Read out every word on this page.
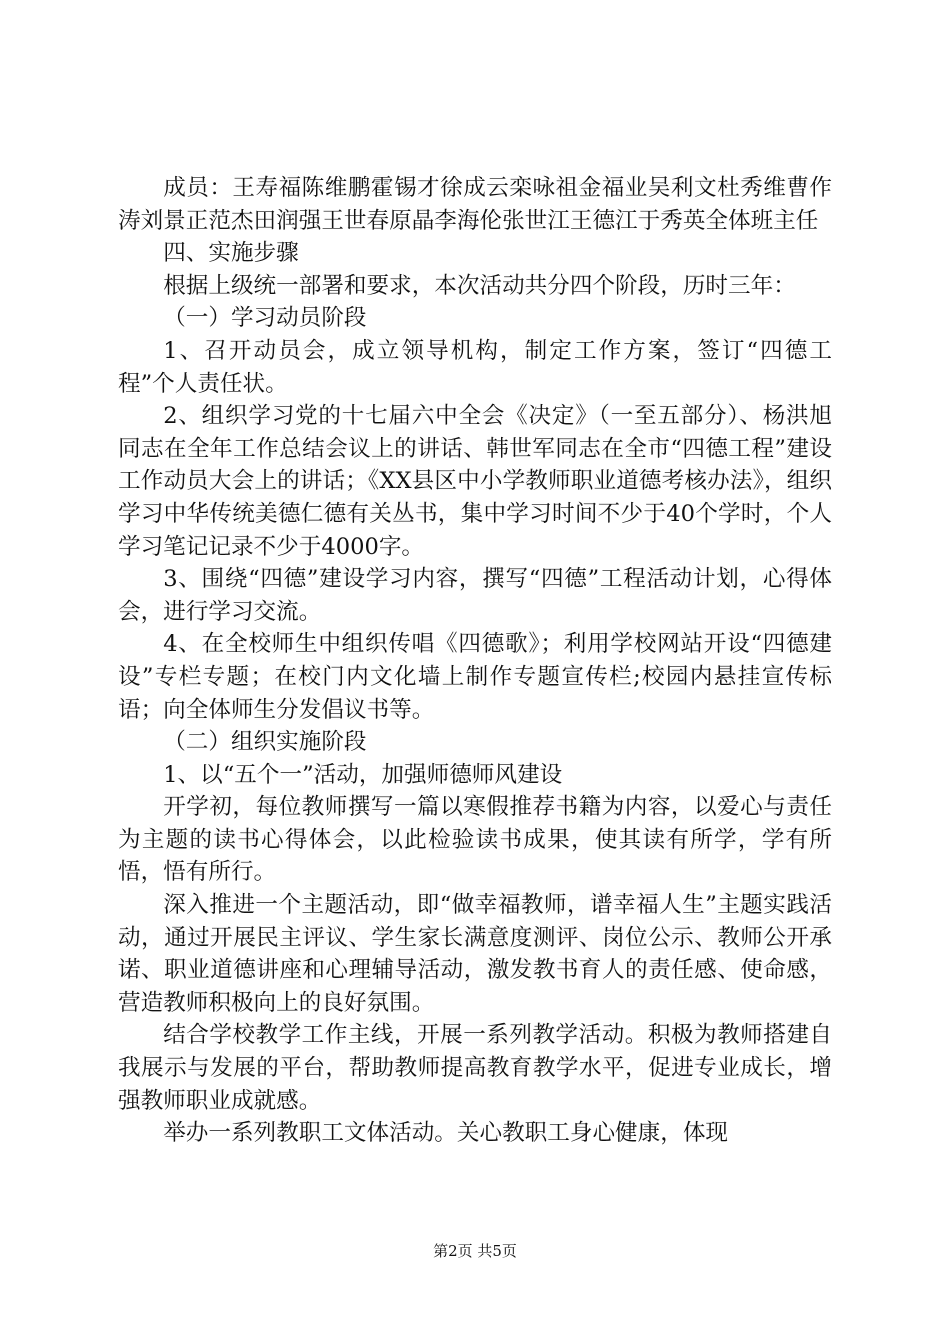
成员：王寿福陈维鹏霍锡才徐成云栾咏祖金福业吴利文杜秀维曹作涛刘景正范杰田润强王世春原晶李海伦张世江王德江于秀英全体班主任

四、实施步骤

根据上级统一部署和要求，本次活动共分四个阶段，历时三年：

（一）学习动员阶段

1、召开动员会，成立领导机构，制定工作方案，签订“四德工程”个人责任状。

2、组织学习党的十七届六中全会《决定》（一至五部分）、杨洪旭同志在全年工作总结会议上的讲话、韩世军同志在全市“四德工程”建设工作动员大会上的讲话；《XX县区中小学教师职业道德考核办法》，组织学习中华传统美德仁德有关丛书，集中学习时间不少于40个学时，个人学习笔记记录不少于4000字。

3、围绕“四德”建设学习内容，撰写“四德”工程活动计划，心得体会，进行学习交流。

4、在全校师生中组织传唱《四德歌》；利用学校网站开设“四德建设”专栏专题；在校门内文化墙上制作专题宣传栏;校园内悬挂宣传标语；向全体师生分发倡议书等。

（二）组织实施阶段

1、以“五个一”活动，加强师德师风建设

开学初，每位教师撰写一篇以寒假推荐书籍为内容，以爱心与责任为主题的读书心得体会，以此检验读书成果，使其读有所学，学有所悟，悟有所行。

深入推进一个主题活动，即“做幸福教师，谱幸福人生”主题实践活动，通过开展民主评议、学生家长满意度测评、岗位公示、教师公开承诺、职业道德讲座和心理辅导活动，激发教书育人的责任感、使命感，营造教师积极向上的良好氛围。

结合学校教学工作主线，开展一系列教学活动。积极为教师搭建自我展示与发展的平台，帮助教师提高教育教学水平，促进专业成长，增强教师职业成就感。

举办一系列教职工文体活动。关心教职工身心健康，体现

第2页 共5页
